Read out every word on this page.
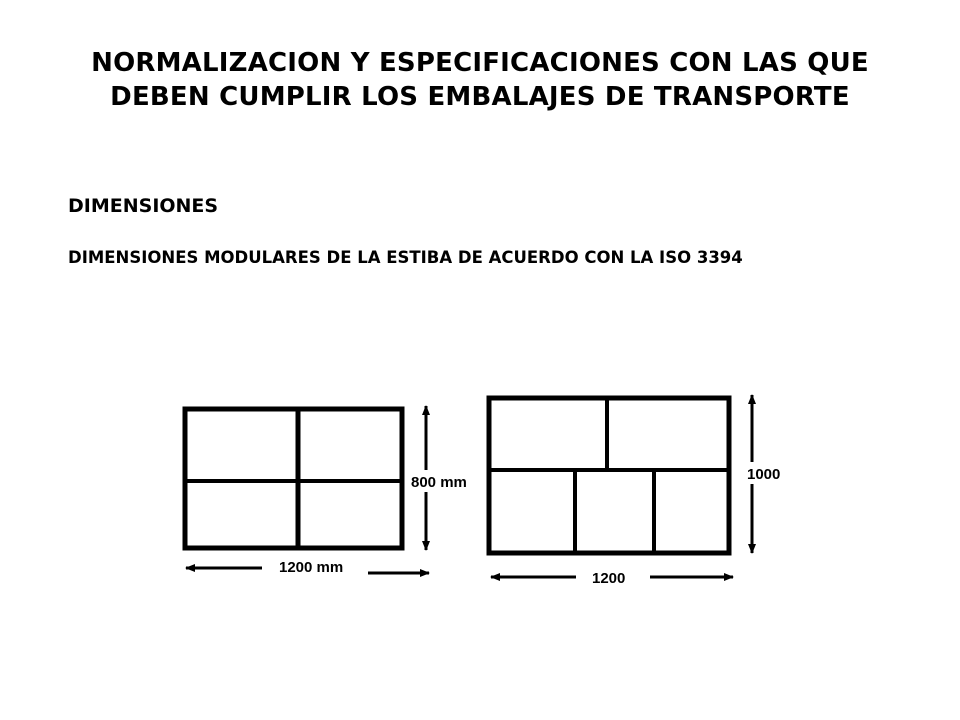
NORMALIZACION Y ESPECIFICACIONES CON LAS QUE
DEBEN CUMPLIR LOS EMBALAJES DE TRANSPORTE
DIMENSIONES
DIMENSIONES MODULARES DE LA ESTIBA DE ACUERDO CON LA ISO 3394
800 mm
1200 mm
1000
1200
